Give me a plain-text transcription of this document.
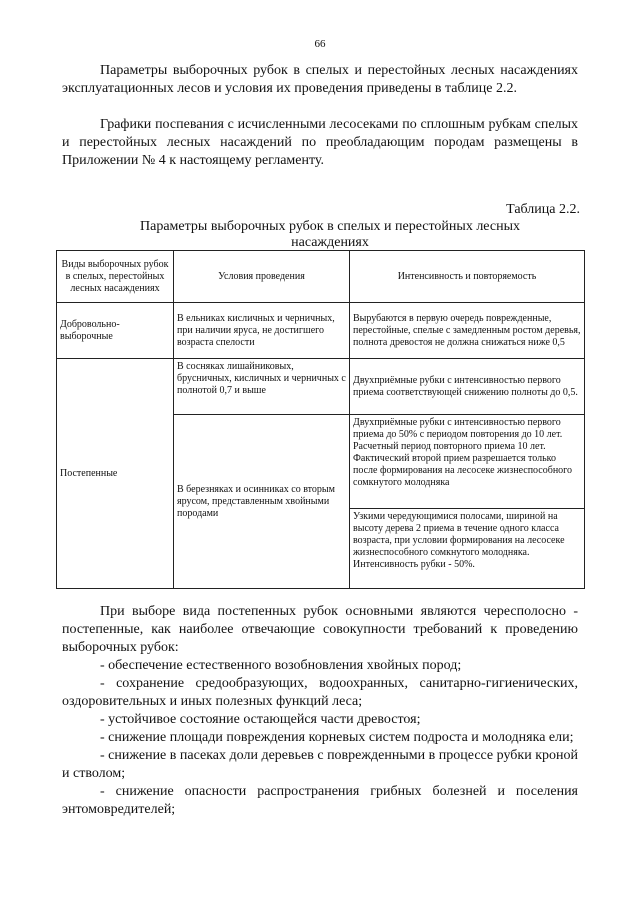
66

Параметры выборочных рубок в спелых и перестойных лесных насаждениях эксплуатационных лесов и условия их проведения приведены в таблице 2.2.

Графики поспевания с исчисленными лесосеками по сплошным рубкам спелых и перестойных лесных насаждений по преобладающим породам размещены в Приложении № 4 к настоящему регламенту.

Таблица 2.2.
Параметры выборочных рубок в спелых и перестойных лесных насаждениях
Виды выборочных рубок в спелых, перестойных лесных насаждениях	Условия проведения	Интенсивность и повторяемость
Добровольно-выборочные	В ельниках кисличных и черничных, при наличии яруса, не достигшего возраста спелости	Вырубаются в первую очередь поврежденные, перестойные, спелые с замедленным ростом деревья, полнота древостоя не должна снижаться ниже 0,5
Постепенные	В сосняках лишайниковых, брусничных, кисличных и черничных с полнотой 0,7 и выше	Двухприёмные рубки с интенсивностью первого приема соответствующей снижению полноты до 0,5.
	В березняках и осинниках со вторым ярусом, представленным хвойными породами	Двухприёмные рубки с интенсивностью первого приема до 50% с периодом повторения до 10 лет. Расчетный период повторного приема 10 лет. Фактический второй прием разрешается только после формирования на лесосеке жизнеспособного сомкнутого молодняка
		Узкими чередующимися полосами, шириной на высоту дерева 2 приема в течение одного класса возраста, при условии формирования на лесосеке жизнеспособного сомкнутого молодняка. Интенсивность рубки - 50%.

При выборе вида постепенных рубок основными являются чересполосно - постепенные, как наиболее отвечающие совокупности требований к проведению выборочных рубок:

- обеспечение естественного возобновления хвойных пород;

- сохранение средообразующих, водоохранных, санитарно-гигиенических, оздоровительных и иных полезных функций леса;

- устойчивое состояние остающейся части древостоя;

- снижение площади повреждения корневых систем подроста и молодняка ели;

- снижение в пасеках доли деревьев с поврежденными в процессе рубки кроной и стволом;

- снижение опасности распространения грибных болезней и поселения энтомовредителей;
